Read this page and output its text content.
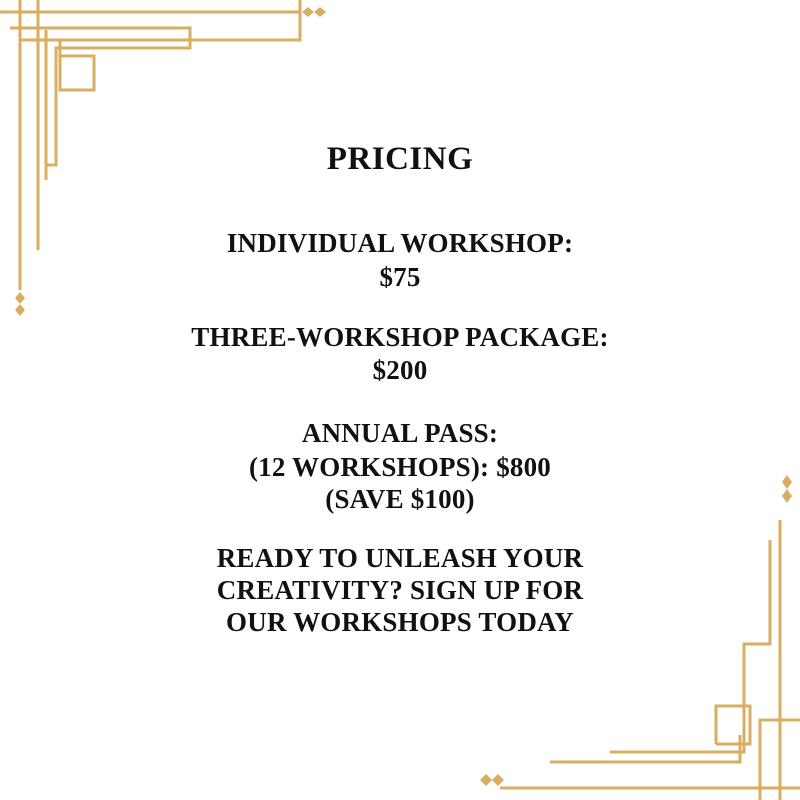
PRICING
INDIVIDUAL WORKSHOP:
$75
THREE-WORKSHOP PACKAGE:
$200
ANNUAL PASS:
(12 WORKSHOPS): $800
(SAVE $100)
READY TO UNLEASH YOUR
CREATIVITY? SIGN UP FOR
OUR WORKSHOPS TODAY
